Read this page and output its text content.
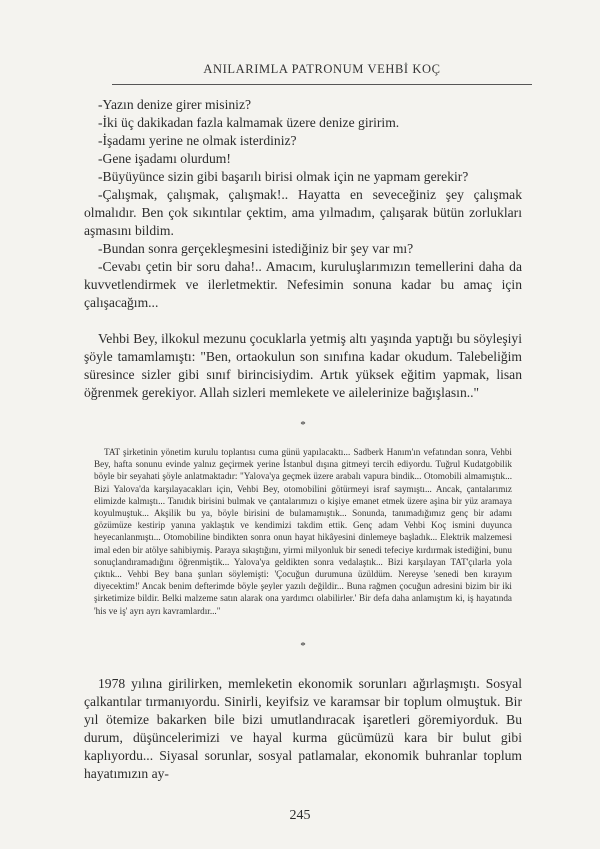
ANILARIMLA PATRONUM VEHBİ KOÇ

-Yazın denize girer misiniz?

-İki üç dakikadan fazla kalmamak üzere denize giririm.

-İşadamı yerine ne olmak isterdiniz?

-Gene işadamı olurdum!

-Büyüyünce sizin gibi başarılı birisi olmak için ne yapmam gerekir?

-Çalışmak, çalışmak, çalışmak!.. Hayatta en seveceğiniz şey çalışmak olmalıdır. Ben çok sıkıntılar çektim, ama yılmadım, çalışarak bütün zorlukları aşmasını bildim.

-Bundan sonra gerçekleşmesini istediğiniz bir şey var mı?

-Cevabı çetin bir soru daha!.. Amacım, kuruluşlarımızın temellerini daha da kuvvetlendirmek ve ilerletmektir. Nefesimin sonuna kadar bu amaç için çalışacağım...

Vehbi Bey, ilkokul mezunu çocuklarla yetmiş altı yaşında yaptığı bu söyleşiyi şöyle tamamlamıştı: "Ben, ortaokulun son sınıfına kadar okudum. Talebeliğim süresince sizler gibi sınıf birincisiydim. Artık yüksek eğitim yapmak, lisan öğrenmek gerekiyor. Allah sizleri memlekete ve ailelerinize bağışlasın.."

*

TAT şirketinin yönetim kurulu toplantısı cuma günü yapılacaktı... Sadberk Hanım'ın vefatından sonra, Vehbi Bey, hafta sonunu evinde yalnız geçirmek yerine İstanbul dışına gitmeyi tercih ediyordu. Tuğrul Kudatgobilik böyle bir seyahati şöyle anlatmaktadır: "Yalova'ya geçmek üzere arabalı vapura bindik... Otomobili almamıştık... Bizi Yalova'da karşılayacakları için, Vehbi Bey, otomobilini götürmeyi israf saymıştı... Ancak, çantalarımız elimizde kalmıştı... Tanıdık birisini bulmak ve çantalarımızı o kişiye emanet etmek üzere aşina bir yüz aramaya koyulmuştuk... Akşilik bu ya, böyle birisini de bulamamıştık... Sonunda, tanımadığımız genç bir adamı gözümüze kestirip yanına yaklaştık ve kendimizi takdim ettik. Genç adam Vehbi Koç ismini duyunca heyecanlanmıştı... Otomobiline bindikten sonra onun hayat hikâyesini dinlemeye başladık... Elektrik malzemesi imal eden bir atölye sahibiymiş. Paraya sıkıştığını, yirmi milyonluk bir senedi tefeciye kırdırmak istediğini, bunu sonuçlandıramadığını öğrenmiştik... Yalova'ya geldikten sonra vedalaştık... Bizi karşılayan TAT'çılarla yola çıktık... Vehbi Bey bana şunları söylemişti: 'Çocuğun durumuna üzüldüm. Nereyse 'senedi ben kırayım diyecektim!' Ancak benim defterimde böyle şeyler yazılı değildir... Buna rağmen çocuğun adresini bizim bir iki şirketimize bildir. Belki malzeme satın alarak ona yardımcı olabilirler.' Bir defa daha anlamıştım ki, iş hayatında 'his ve iş' ayrı ayrı kavramlardır..."

*

1978 yılına girilirken, memleketin ekonomik sorunları ağırlaşmıştı. Sosyal çalkantılar tırmanıyordu. Sinirli, keyifsiz ve karamsar bir toplum olmuştuk. Bir yıl ötemize bakarken bile bizi umutlandıracak işaretleri göremiyorduk. Bu durum, düşüncelerimizi ve hayal kurma gücümüzü kara bir bulut gibi kaplıyordu... Siyasal sorunlar, sosyal patlamalar, ekonomik buhranlar toplum hayatımızın ay-

245
